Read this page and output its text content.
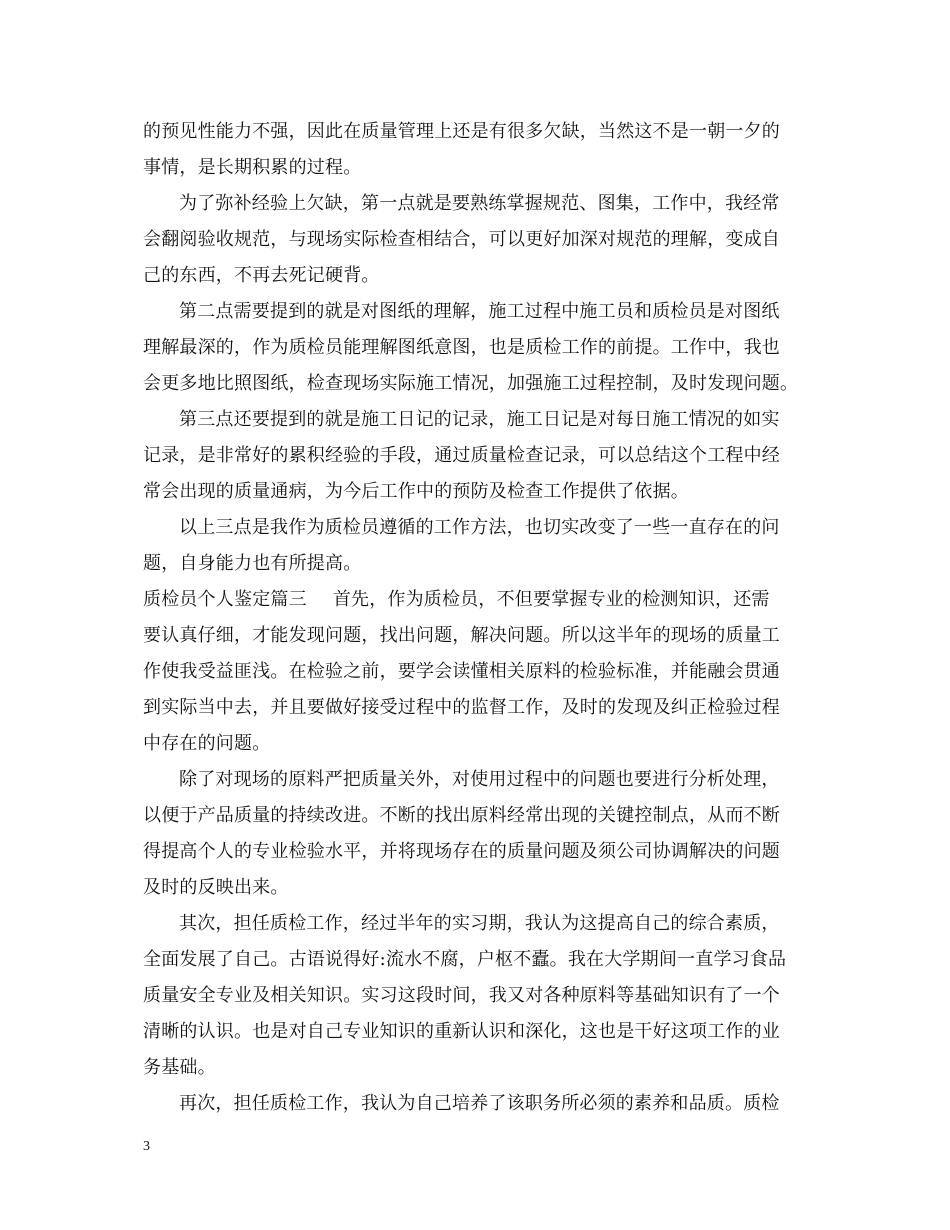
的预见性能力不强，因此在质量管理上还是有很多欠缺，当然这不是一朝一夕的
事情，是长期积累的过程。
为了弥补经验上欠缺，第一点就是要熟练掌握规范、图集，工作中，我经常
会翻阅验收规范，与现场实际检查相结合，可以更好加深对规范的理解，变成自
己的东西，不再去死记硬背。
第二点需要提到的就是对图纸的理解，施工过程中施工员和质检员是对图纸
理解最深的，作为质检员能理解图纸意图，也是质检工作的前提。工作中，我也
会更多地比照图纸，检查现场实际施工情况，加强施工过程控制，及时发现问题。
第三点还要提到的就是施工日记的记录，施工日记是对每日施工情况的如实
记录，是非常好的累积经验的手段，通过质量检查记录，可以总结这个工程中经
常会出现的质量通病，为今后工作中的预防及检查工作提供了依据。
以上三点是我作为质检员遵循的工作方法，也切实改变了一些一直存在的问
题，自身能力也有所提高。
质检员个人鉴定篇三 首先，作为质检员，不但要掌握专业的检测知识，还需
要认真仔细，才能发现问题，找出问题，解决问题。所以这半年的现场的质量工
作使我受益匪浅。在检验之前，要学会读懂相关原料的检验标准，并能融会贯通
到实际当中去，并且要做好接受过程中的监督工作，及时的发现及纠正检验过程
中存在的问题。
除了对现场的原料严把质量关外，对使用过程中的问题也要进行分析处理，
以便于产品质量的持续改进。不断的找出原料经常出现的关键控制点，从而不断
得提高个人的专业检验水平，并将现场存在的质量问题及须公司协调解决的问题
及时的反映出来。
其次，担任质检工作，经过半年的实习期，我认为这提高自己的综合素质，
全面发展了自己。古语说得好:流水不腐，户枢不蠹。我在大学期间一直学习食品
质量安全专业及相关知识。实习这段时间，我又对各种原料等基础知识有了一个
清晰的认识。也是对自己专业知识的重新认识和深化，这也是干好这项工作的业
务基础。
再次，担任质检工作，我认为自己培养了该职务所必须的素养和品质。质检
3
